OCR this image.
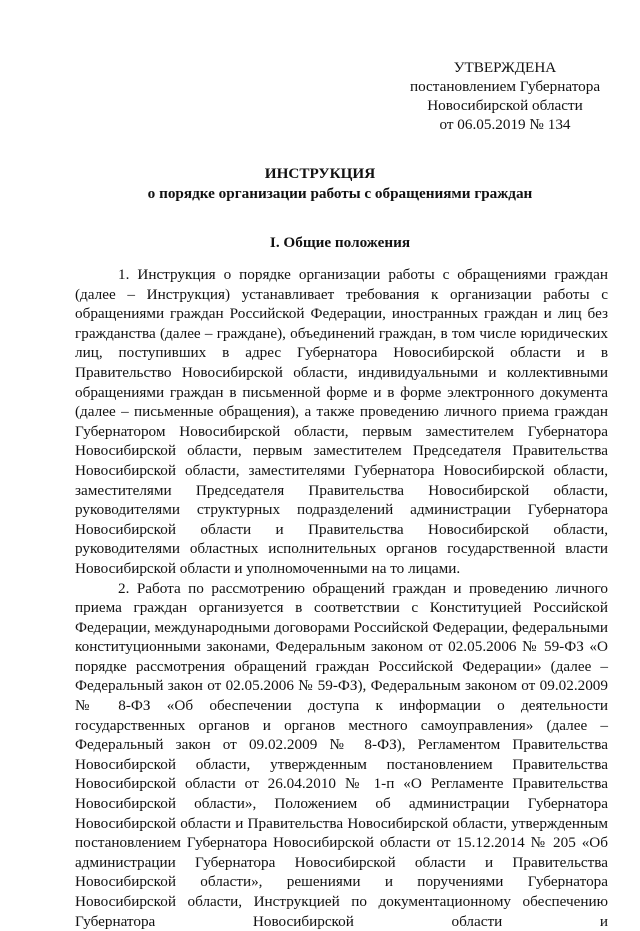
УТВЕРЖДЕНА
постановлением Губернатора
Новосибирской области
от 06.05.2019 № 134
ИНСТРУКЦИЯ
о порядке организации работы с обращениями граждан
I. Общие положения

1. Инструкция о порядке организации работы с обращениями граждан (далее – Инструкция) устанавливает требования к организации работы с обращениями граждан Российской Федерации, иностранных граждан и лиц без гражданства (далее – граждане), объединений граждан, в том числе юридических лиц, поступивших в адрес Губернатора Новосибирской области и в Правительство Новосибирской области, индивидуальными и коллективными обращениями граждан в письменной форме и в форме электронного документа (далее – письменные обращения), а также проведению личного приема граждан Губернатором Новосибирской области, первым заместителем Губернатора Новосибирской области, первым заместителем Председателя Правительства Новосибирской области, заместителями Губернатора Новосибирской области, заместителями Председателя Правительства Новосибирской области, руководителями структурных подразделений администрации Губернатора Новосибирской области и Правительства Новосибирской области, руководителями областных исполнительных органов государственной власти Новосибирской области и уполномоченными на то лицами.

2. Работа по рассмотрению обращений граждан и проведению личного приема граждан организуется в соответствии с Конституцией Российской Федерации, международными договорами Российской Федерации, федеральными конституционными законами, Федеральным законом от 02.05.2006 № 59-ФЗ «О порядке рассмотрения обращений граждан Российской Федерации» (далее – Федеральный закон от 02.05.2006 № 59-ФЗ), Федеральным законом от 09.02.2009 № 8-ФЗ «Об обеспечении доступа к информации о деятельности государственных органов и органов местного самоуправления» (далее – Федеральный закон от 09.02.2009 № 8-ФЗ), Регламентом Правительства Новосибирской области, утвержденным постановлением Правительства Новосибирской области от 26.04.2010 № 1-п «О Регламенте Правительства Новосибирской области», Положением об администрации Губернатора Новосибирской области и Правительства Новосибирской области, утвержденным постановлением Губернатора Новосибирской области от 15.12.2014 № 205 «Об администрации Губернатора Новосибирской области и Правительства Новосибирской области», решениями и поручениями Губернатора Новосибирской области, Инструкцией по документационному обеспечению Губернатора Новосибирской области и
